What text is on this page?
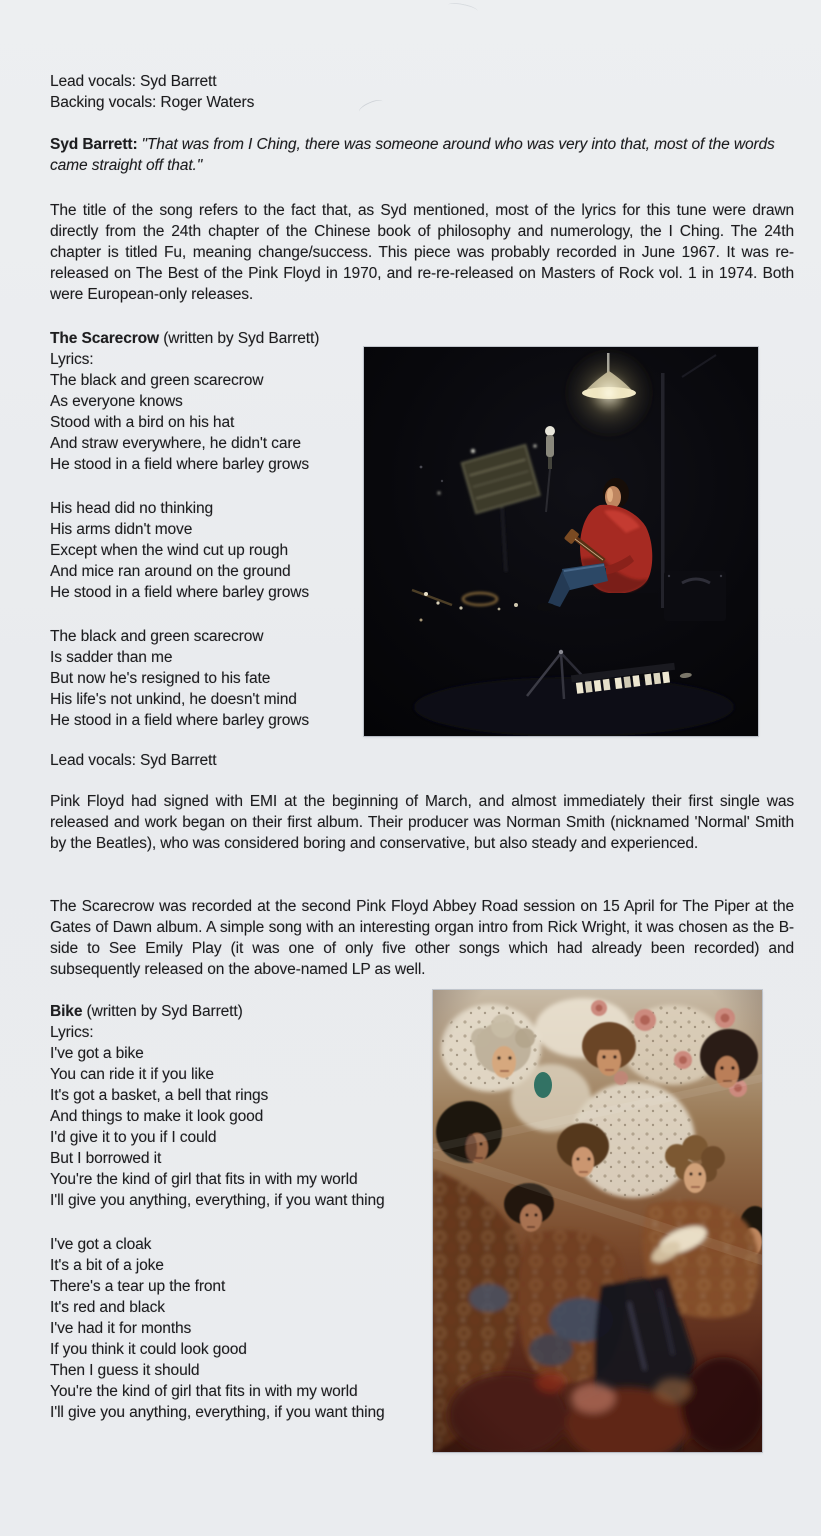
Lead vocals: Syd Barrett
Backing vocals: Roger Waters

Syd Barrett: "That was from I Ching, there was someone around who was very into that, most of the words came straight off that."

The title of the song refers to the fact that, as Syd mentioned, most of the lyrics for this tune were drawn directly from the 24th chapter of the Chinese book of philosophy and numerology, the I Ching. The 24th chapter is titled Fu, meaning change/success. This piece was probably recorded in June 1967. It was re-released on The Best of the Pink Floyd in 1970, and re-re-released on Masters of Rock vol. 1 in 1974. Both were European-only releases.

The Scarecrow (written by Syd Barrett)
Lyrics:
The black and green scarecrow
As everyone knows
Stood with a bird on his hat
And straw everywhere, he didn't care
He stood in a field where barley grows
His head did no thinking
His arms didn't move
Except when the wind cut up rough
And mice ran around on the ground
He stood in a field where barley grows
The black and green scarecrow
Is sadder than me
But now he's resigned to his fate
His life's not unkind, he doesn't mind
He stood in a field where barley grows
Lead vocals: Syd Barrett

Pink Floyd had signed with EMI at the beginning of March, and almost immediately their first single was released and work began on their first album. Their producer was Norman Smith (nicknamed 'Normal' Smith by the Beatles), who was considered boring and conservative, but also steady and experienced.

The Scarecrow was recorded at the second Pink Floyd Abbey Road session on 15 April for The Piper at the Gates of Dawn album. A simple song with an interesting organ intro from Rick Wright, it was chosen as the B-side to See Emily Play (it was one of only five other songs which had already been recorded) and subsequently released on the above-named LP as well.

Bike (written by Syd Barrett)
Lyrics:
I've got a bike
You can ride it if you like
It's got a basket, a bell that rings
And things to make it look good
I'd give it to you if I could
But I borrowed it
You're the kind of girl that fits in with my world
I'll give you anything, everything, if you want thing
I've got a cloak
It's a bit of a joke
There's a tear up the front
It's red and black
I've had it for months
If you think it could look good
Then I guess it should
You're the kind of girl that fits in with my world
I'll give you anything, everything, if you want thing
